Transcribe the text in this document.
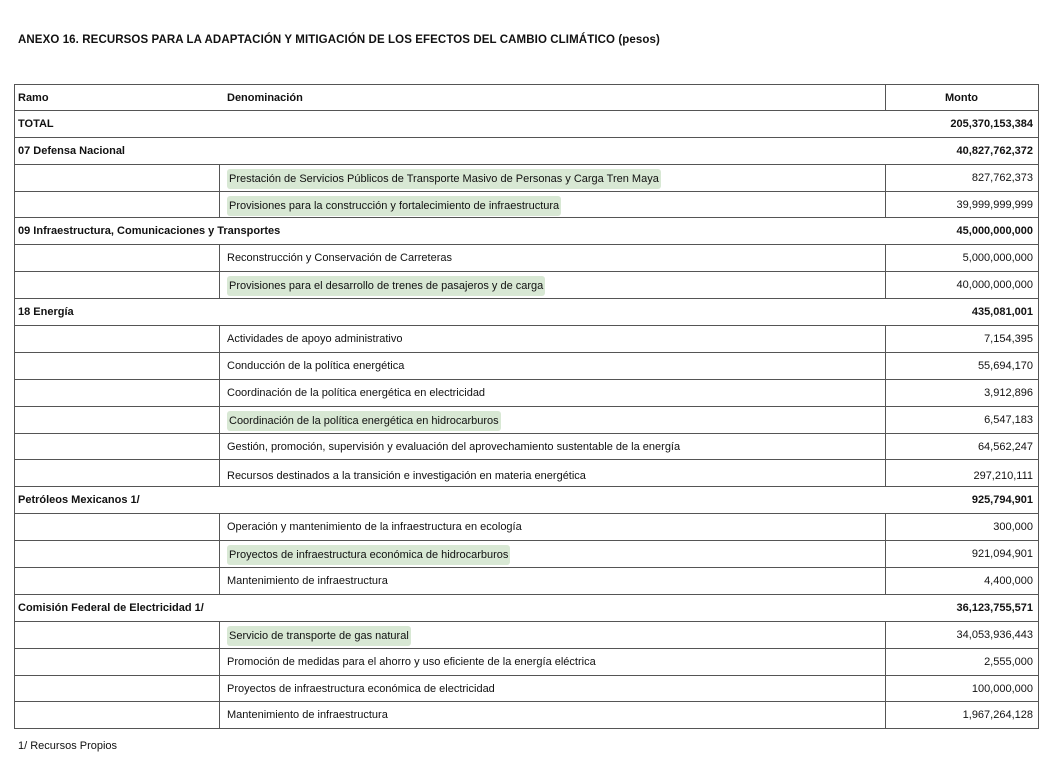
ANEXO 16. RECURSOS PARA LA ADAPTACIÓN Y MITIGACIÓN DE LOS EFECTOS DEL CAMBIO CLIMÁTICO (pesos)
Ramo	Denominación	Monto
TOTAL	205,370,153,384
07 Defensa Nacional	40,827,762,372
Prestación de Servicios Públicos de Transporte Masivo de Personas y Carga Tren Maya	827,762,373
Provisiones para la construcción y fortalecimiento de infraestructura	39,999,999,999
09 Infraestructura, Comunicaciones y Transportes	45,000,000,000
Reconstrucción y Conservación de Carreteras	5,000,000,000
Provisiones para el desarrollo de trenes de pasajeros y de carga	40,000,000,000
18 Energía	435,081,001
Actividades de apoyo administrativo	7,154,395
Conducción de la política energética	55,694,170
Coordinación de la política energética en electricidad	3,912,896
Coordinación de la política energética en hidrocarburos	6,547,183
Gestión, promoción, supervisión y evaluación del aprovechamiento sustentable de la energía	64,562,247
Recursos destinados a la transición e investigación en materia energética	297,210,111
Petróleos Mexicanos 1/	925,794,901
Operación y mantenimiento de la infraestructura en ecología	300,000
Proyectos de infraestructura económica de hidrocarburos	921,094,901
Mantenimiento de infraestructura	4,400,000
Comisión Federal de Electricidad 1/	36,123,755,571
Servicio de transporte de gas natural	34,053,936,443
Promoción de medidas para el ahorro y uso eficiente de la energía eléctrica	2,555,000
Proyectos de infraestructura económica de electricidad	100,000,000
Mantenimiento de infraestructura	1,967,264,128
1/ Recursos Propios
